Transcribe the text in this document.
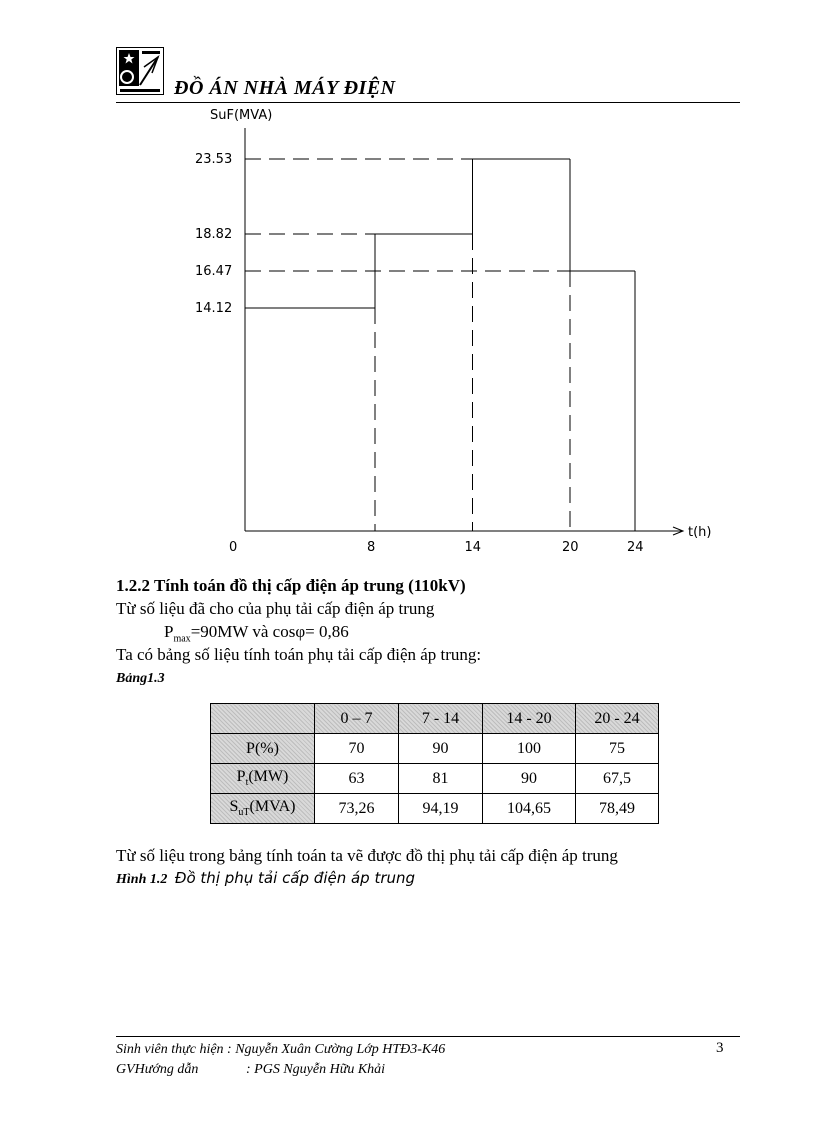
ĐỒ ÁN NHÀ MÁY ĐIỆN
SuF(MVA)
t(h)
0	8	14	20	24
14.12
16.47
18.82
23.53
1.2.2 Tính toán đồ thị cấp điện áp trung (110kV)
Từ số liệu đã cho của phụ tải cấp điện áp trung
$P_{max}=90MW$ và cosφ= 0,86
Ta có bảng số liệu tính toán phụ tải cấp điện áp trung:
Bảng1.3
	0 – 7	7 - 14	14 - 20	20 - 24
P(%)	70	90	100	75
$P_t(MW)$	63	81	90	67,5
$S_{uT}(MVA)$	73,26	94,19	104,65	78,49
Từ số liệu trong bảng tính toán ta vẽ được đồ thị phụ tải cấp điện áp trung
Hình 1.2 Đồ thị phụ tải cấp điện áp trung
Sinh viên thực hiện : Nguyễn Xuân Cường Lớp HTĐ3-K46
GVHướng dẫn	: PGS Nguyễn Hữu Khải
3
